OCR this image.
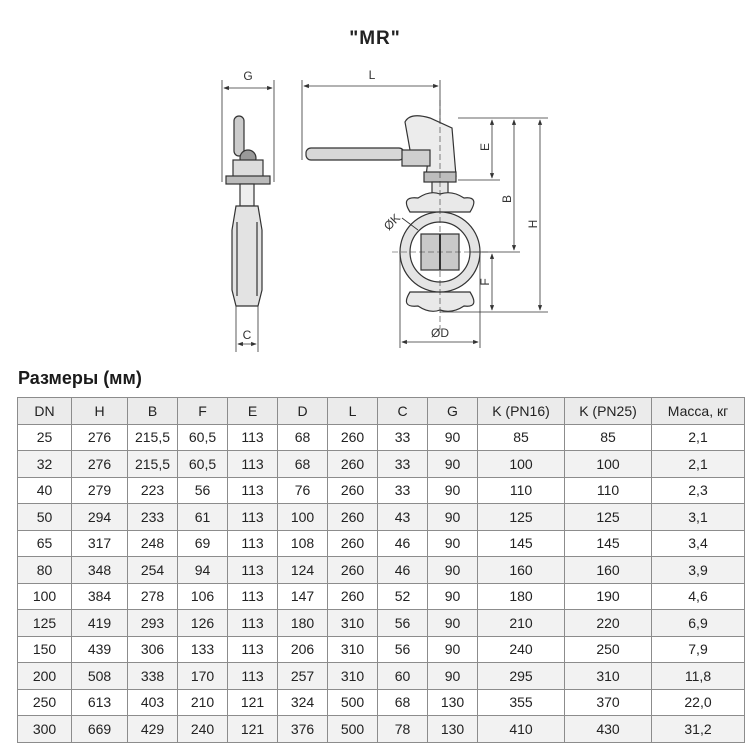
"MR"
G	L
E
B
H
F
ØK
ØD
C
Размеры (мм)
DN	H	B	F	E	D	L	C	G	K (PN16)	K (PN25)	Масса, кг
25	276	215,5	60,5	113	68	260	33	90	85	85	2,1
32	276	215,5	60,5	113	68	260	33	90	100	100	2,1
40	279	223	56	113	76	260	33	90	110	110	2,3
50	294	233	61	113	100	260	43	90	125	125	3,1
65	317	248	69	113	108	260	46	90	145	145	3,4
80	348	254	94	113	124	260	46	90	160	160	3,9
100	384	278	106	113	147	260	52	90	180	190	4,6
125	419	293	126	113	180	310	56	90	210	220	6,9
150	439	306	133	113	206	310	56	90	240	250	7,9
200	508	338	170	113	257	310	60	90	295	310	11,8
250	613	403	210	121	324	500	68	130	355	370	22,0
300	669	429	240	121	376	500	78	130	410	430	31,2
